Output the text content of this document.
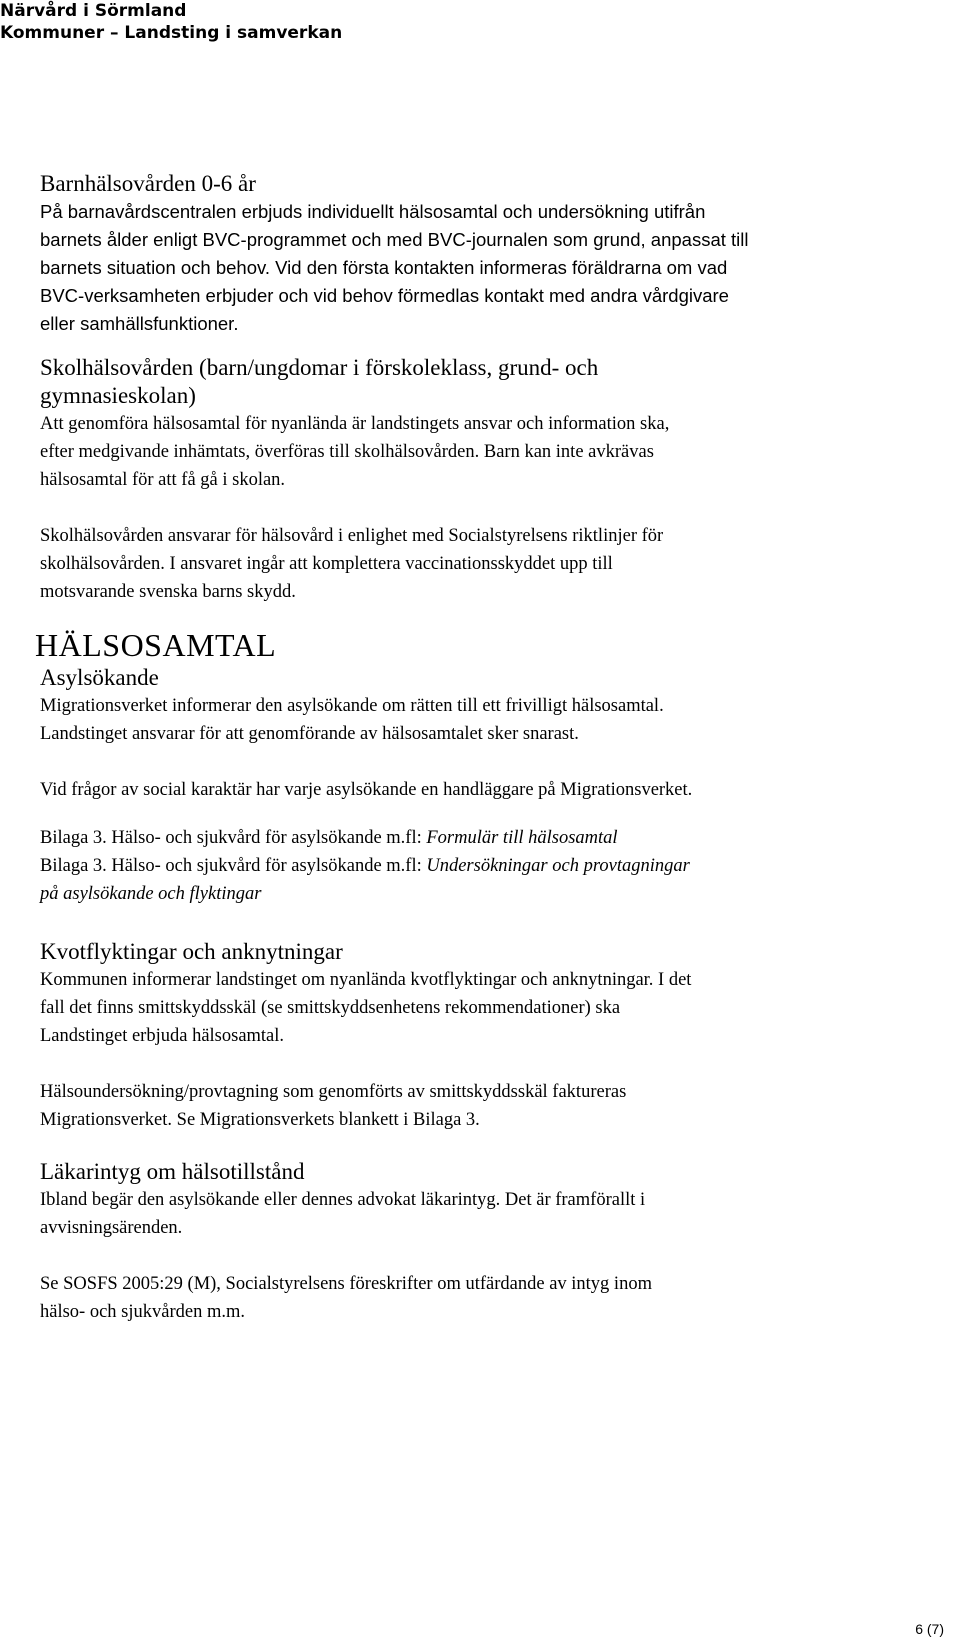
Närvård i Sörmland
Kommuner – Landsting i samverkan
Barnhälsovården 0-6 år
På barnavårdscentralen erbjuds individuellt hälsosamtal och undersökning utifrån
barnets ålder enligt BVC-programmet och med BVC-journalen som grund, anpassat till
barnets situation och behov. Vid den första kontakten informeras föräldrarna om vad
BVC-verksamheten erbjuder och vid behov förmedlas kontakt med andra vårdgivare
eller samhällsfunktioner.
Skolhälsovården (barn/ungdomar i förskoleklass, grund- och
gymnasieskolan)
Att genomföra hälsosamtal för nyanlända är landstingets ansvar och information ska,
efter medgivande inhämtats, överföras till skolhälsovården. Barn kan inte avkrävas
hälsosamtal för att få gå i skolan.
Skolhälsovården ansvarar för hälsovård i enlighet med Socialstyrelsens riktlinjer för
skolhälsovården. I ansvaret ingår att komplettera vaccinationsskyddet upp till
motsvarande svenska barns skydd.
HÄLSOSAMTAL
Asylsökande
Migrationsverket informerar den asylsökande om rätten till ett frivilligt hälsosamtal.
Landstinget ansvarar för att genomförande av hälsosamtalet sker snarast.
Vid frågor av social karaktär har varje asylsökande en handläggare på Migrationsverket.
Bilaga 3. Hälso- och sjukvård för asylsökande m.fl: Formulär till hälsosamtal
Bilaga 3. Hälso- och sjukvård för asylsökande m.fl: Undersökningar och provtagningar
på asylsökande och flyktingar
Kvotflyktingar och anknytningar
Kommunen informerar landstinget om nyanlända kvotflyktingar och anknytningar. I det
fall det finns smittskyddsskäl (se smittskyddsenhetens rekommendationer) ska
Landstinget erbjuda hälsosamtal.
Hälsoundersökning/provtagning som genomförts av smittskyddsskäl faktureras
Migrationsverket. Se Migrationsverkets blankett i Bilaga 3.
Läkarintyg om hälsotillstånd
Ibland begär den asylsökande eller dennes advokat läkarintyg. Det är framförallt i
avvisningsärenden.
Se SOSFS 2005:29 (M), Socialstyrelsens föreskrifter om utfärdande av intyg inom
hälso- och sjukvården m.m.
6 (7)
